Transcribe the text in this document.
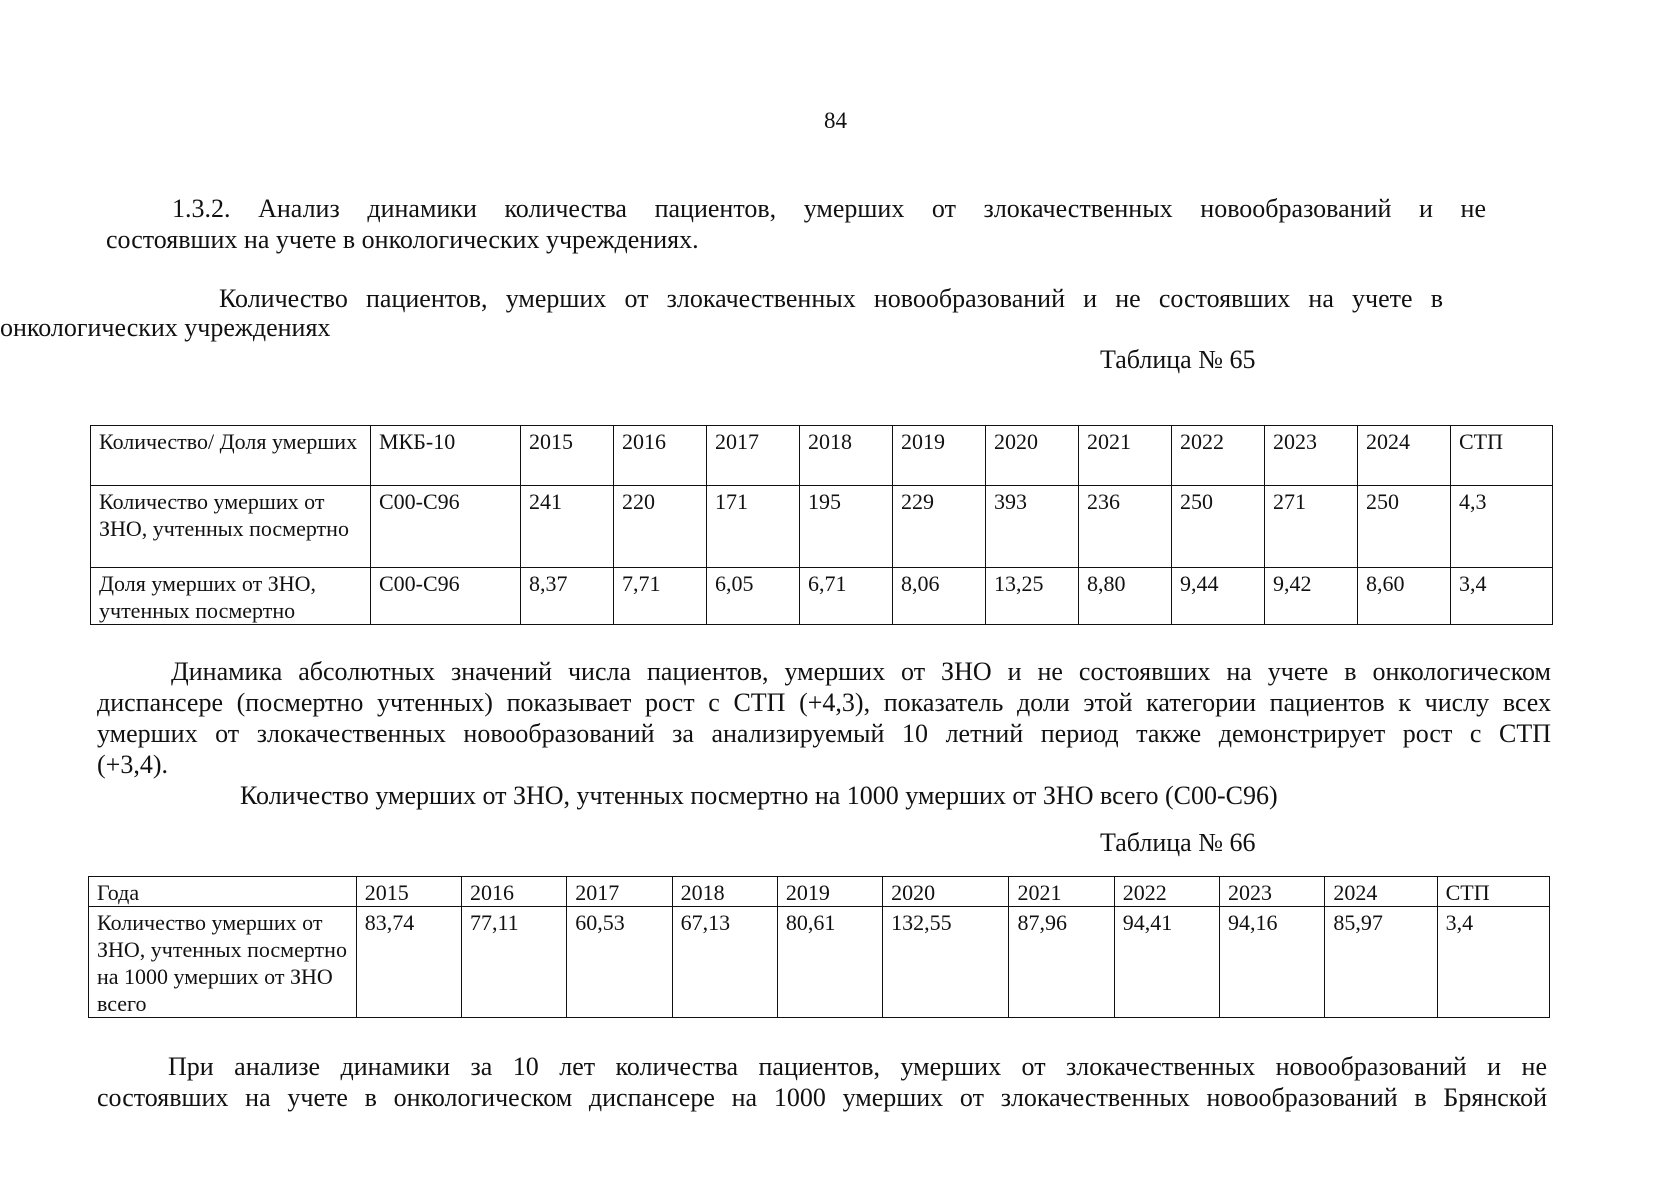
84
1.3.2. Анализ динамики количества пациентов, умерших от злокачественных новообразований и не
состоявших на учете в онкологических учреждениях.
Количество пациентов, умерших от злокачественных новообразований и не состоявших на учете в
онкологических учреждениях
Таблица № 65
Количество/ Доля умерших	МКБ-10	2015	2016	2017	2018	2019	2020	2021	2022	2023	2024	СТП
Количество умерших от ЗНО, учтенных посмертно	С00-С96	241	220	171	195	229	393	236	250	271	250	4,3
Доля умерших от ЗНО, учтенных посмертно	С00-С96	8,37	7,71	6,05	6,71	8,06	13,25	8,80	9,44	9,42	8,60	3,4
Динамика абсолютных значений числа пациентов, умерших от ЗНО и не состоявших на учете в онкологическом
диспансере (посмертно учтенных) показывает рост с СТП (+4,3), показатель доли этой категории пациентов к числу всех
умерших от злокачественных новообразований за анализируемый 10 летний период также демонстрирует рост с СТП
(+3,4).
Количество умерших от ЗНО, учтенных посмертно на 1000 умерших от ЗНО всего (С00-С96)
Таблица № 66
Года	2015	2016	2017	2018	2019	2020	2021	2022	2023	2024	СТП
Количество умерших от ЗНО, учтенных посмертно на 1000 умерших от ЗНО всего	83,74	77,11	60,53	67,13	80,61	132,55	87,96	94,41	94,16	85,97	3,4
При анализе динамики за 10 лет количества пациентов, умерших от злокачественных новообразований и не
состоявших на учете в онкологическом диспансере на 1000 умерших от злокачественных новообразований в Брянской
